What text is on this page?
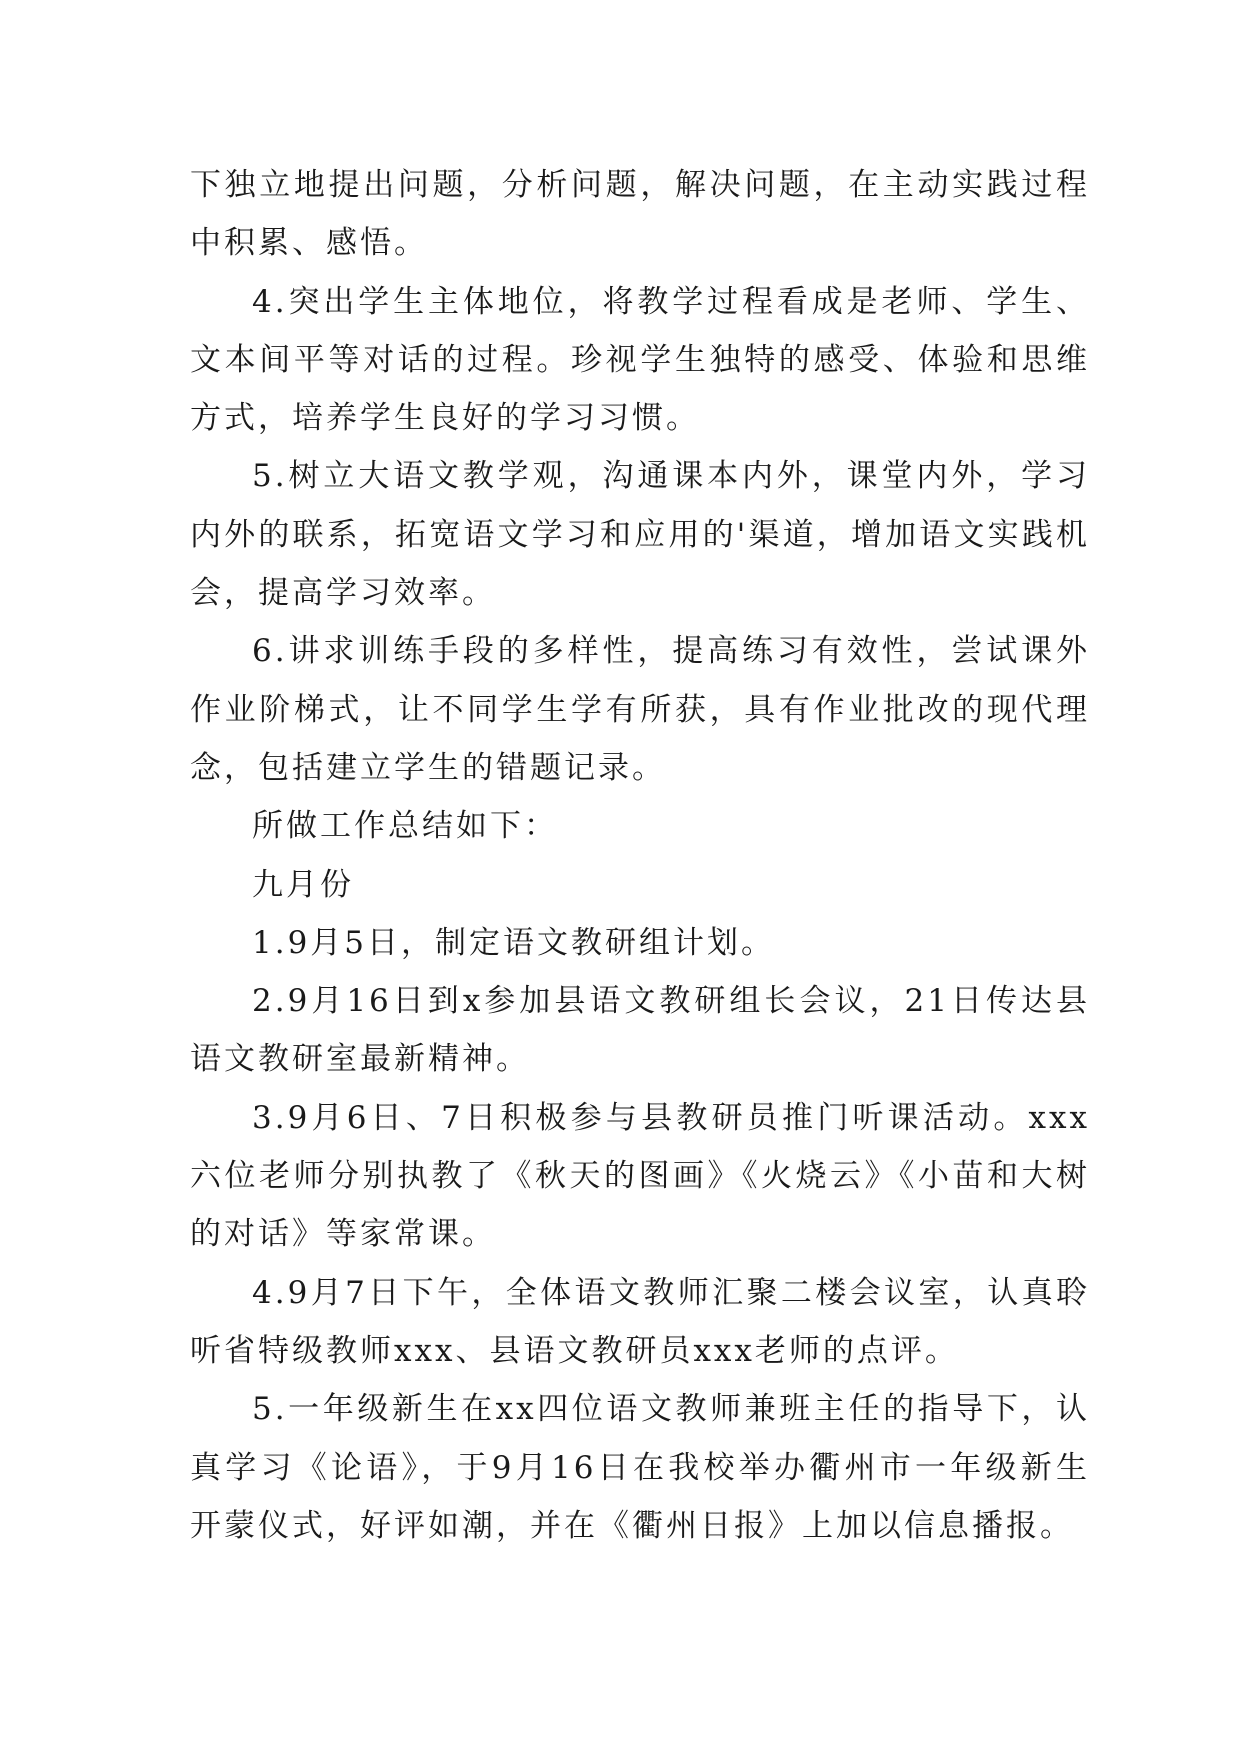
下独立地提出问题，分析问题，解决问题，在主动实践过程中积累、感悟。

4.突出学生主体地位，将教学过程看成是老师、学生、文本间平等对话的过程。珍视学生独特的感受、体验和思维方式，培养学生良好的学习习惯。

5.树立大语文教学观，沟通课本内外，课堂内外，学习内外的联系，拓宽语文学习和应用的'渠道，增加语文实践机会，提高学习效率。

6.讲求训练手段的多样性，提高练习有效性，尝试课外作业阶梯式，让不同学生学有所获，具有作业批改的现代理念，包括建立学生的错题记录。

所做工作总结如下：

九月份

1.9月5日，制定语文教研组计划。

2.9月16日到x参加县语文教研组长会议，21日传达县语文教研室最新精神。

3.9月6日、7日积极参与县教研员推门听课活动。xxx六位老师分别执教了《秋天的图画》《火烧云》《小苗和大树的对话》等家常课。

4.9月7日下午，全体语文教师汇聚二楼会议室，认真聆听省特级教师xxx、县语文教研员xxx老师的点评。

5.一年级新生在xx四位语文教师兼班主任的指导下，认真学习《论语》，于9月16日在我校举办衢州市一年级新生开蒙仪式，好评如潮，并在《衢州日报》上加以信息播报。
